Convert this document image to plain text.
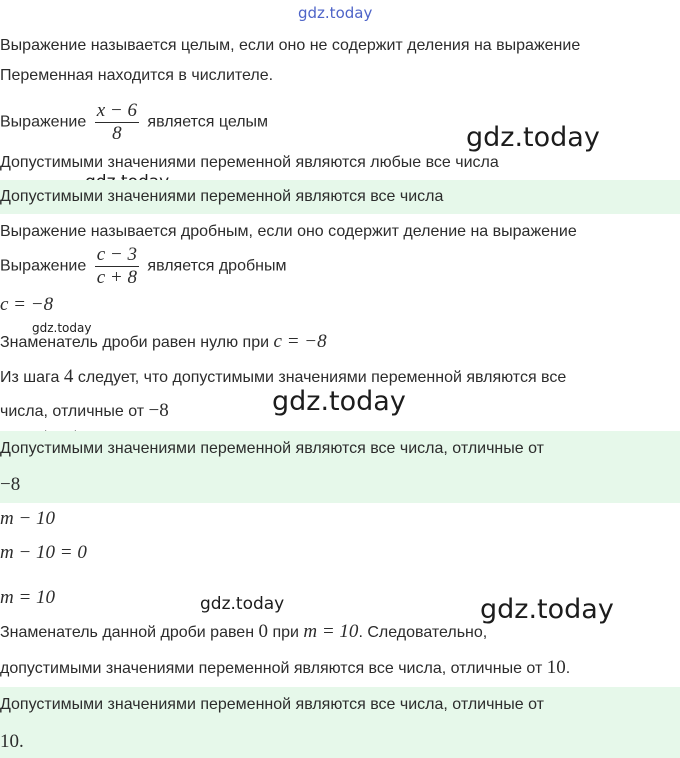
gdz.today
gdz.today
gdz.today
gdz.today
gdz.today	gdz.today
Выражение называется целым, если оно не содержит деления на выражение
Переменная находится в числителе.
Выражение $\frac{x - 6}{8}$ является целым
Допустимыми значениями переменной являются любые все числа
Допустимыми значениями переменной являются все числа
Выражение называется дробным, если оно содержит деление на выражение
Выражение $\frac{c - 3}{c + 8}$ является дробным
c = −8
Знаменатель дроби равен нулю при c = −8
Из шага 4 следует, что допустимыми значениями переменной являются все
числа, отличные от −8
Допустимыми значениями переменной являются все числа, отличные от
−8
m − 10
m − 10 = 0
m = 10
Знаменатель данной дроби равен 0 при m = 10. Следовательно,
допустимыми значениями переменной являются все числа, отличные от 10.
Допустимыми значениями переменной являются все числа, отличные от
10.
